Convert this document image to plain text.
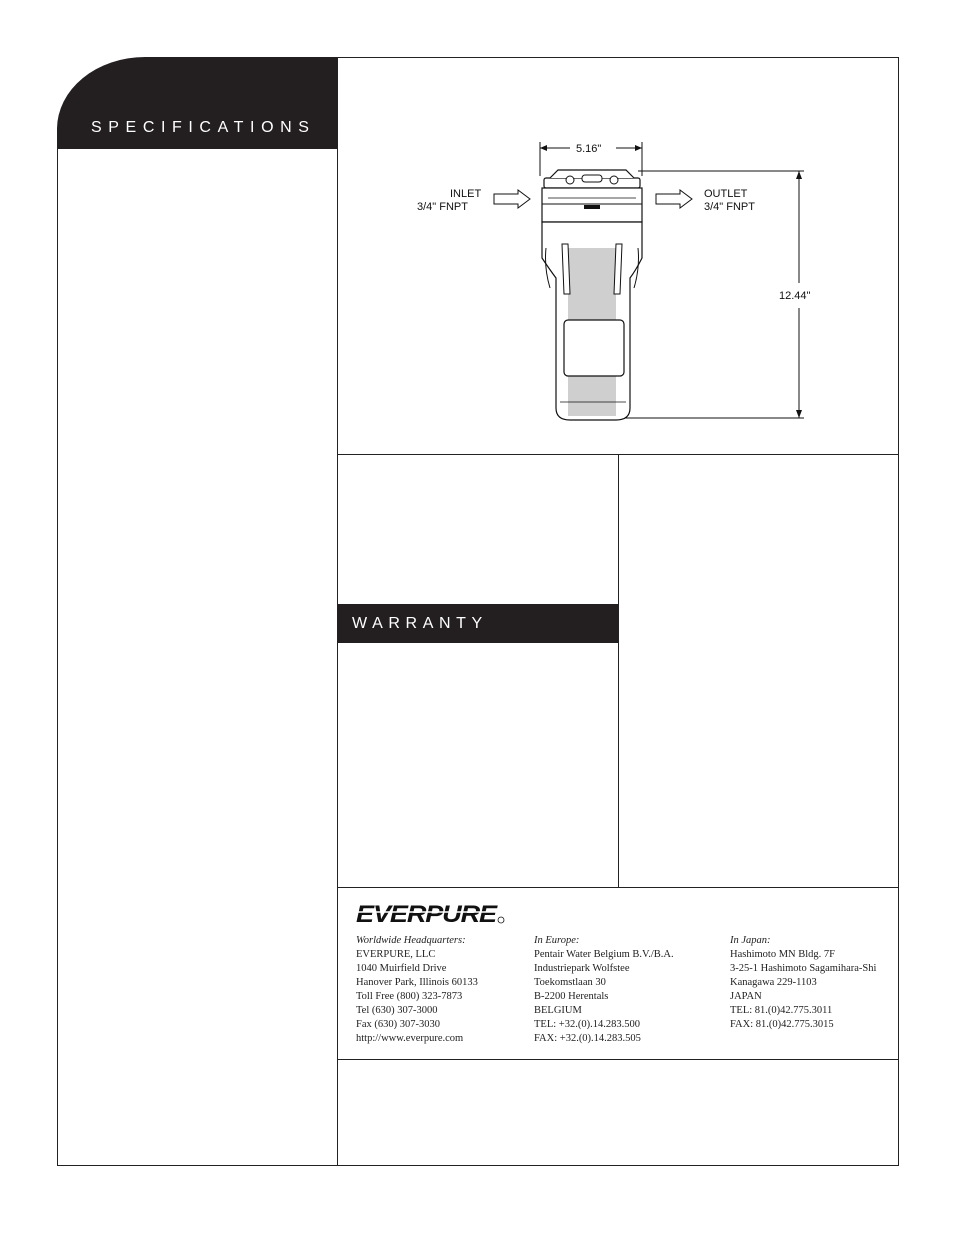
SPECIFICATIONS
5.16"
12.44"
INLET
3/4" FNPT
OUTLET
3/4" FNPT
WARRANTY
EVERPURE
Worldwide Headquarters:
EVERPURE, LLC
1040 Muirfield Drive
Hanover Park, Illinois 60133
Toll Free (800) 323-7873
Tel (630) 307-3000
Fax (630) 307-3030
http://www.everpure.com
In Europe:
Pentair Water Belgium B.V./B.A.
Industriepark Wolfstee
Toekomstlaan 30
B-2200 Herentals
BELGIUM
TEL: +32.(0).14.283.500
FAX: +32.(0).14.283.505
In Japan:
Hashimoto MN Bldg. 7F
3-25-1 Hashimoto Sagamihara-Shi
Kanagawa 229-1103
JAPAN
TEL: 81.(0)42.775.3011
FAX: 81.(0)42.775.3015
